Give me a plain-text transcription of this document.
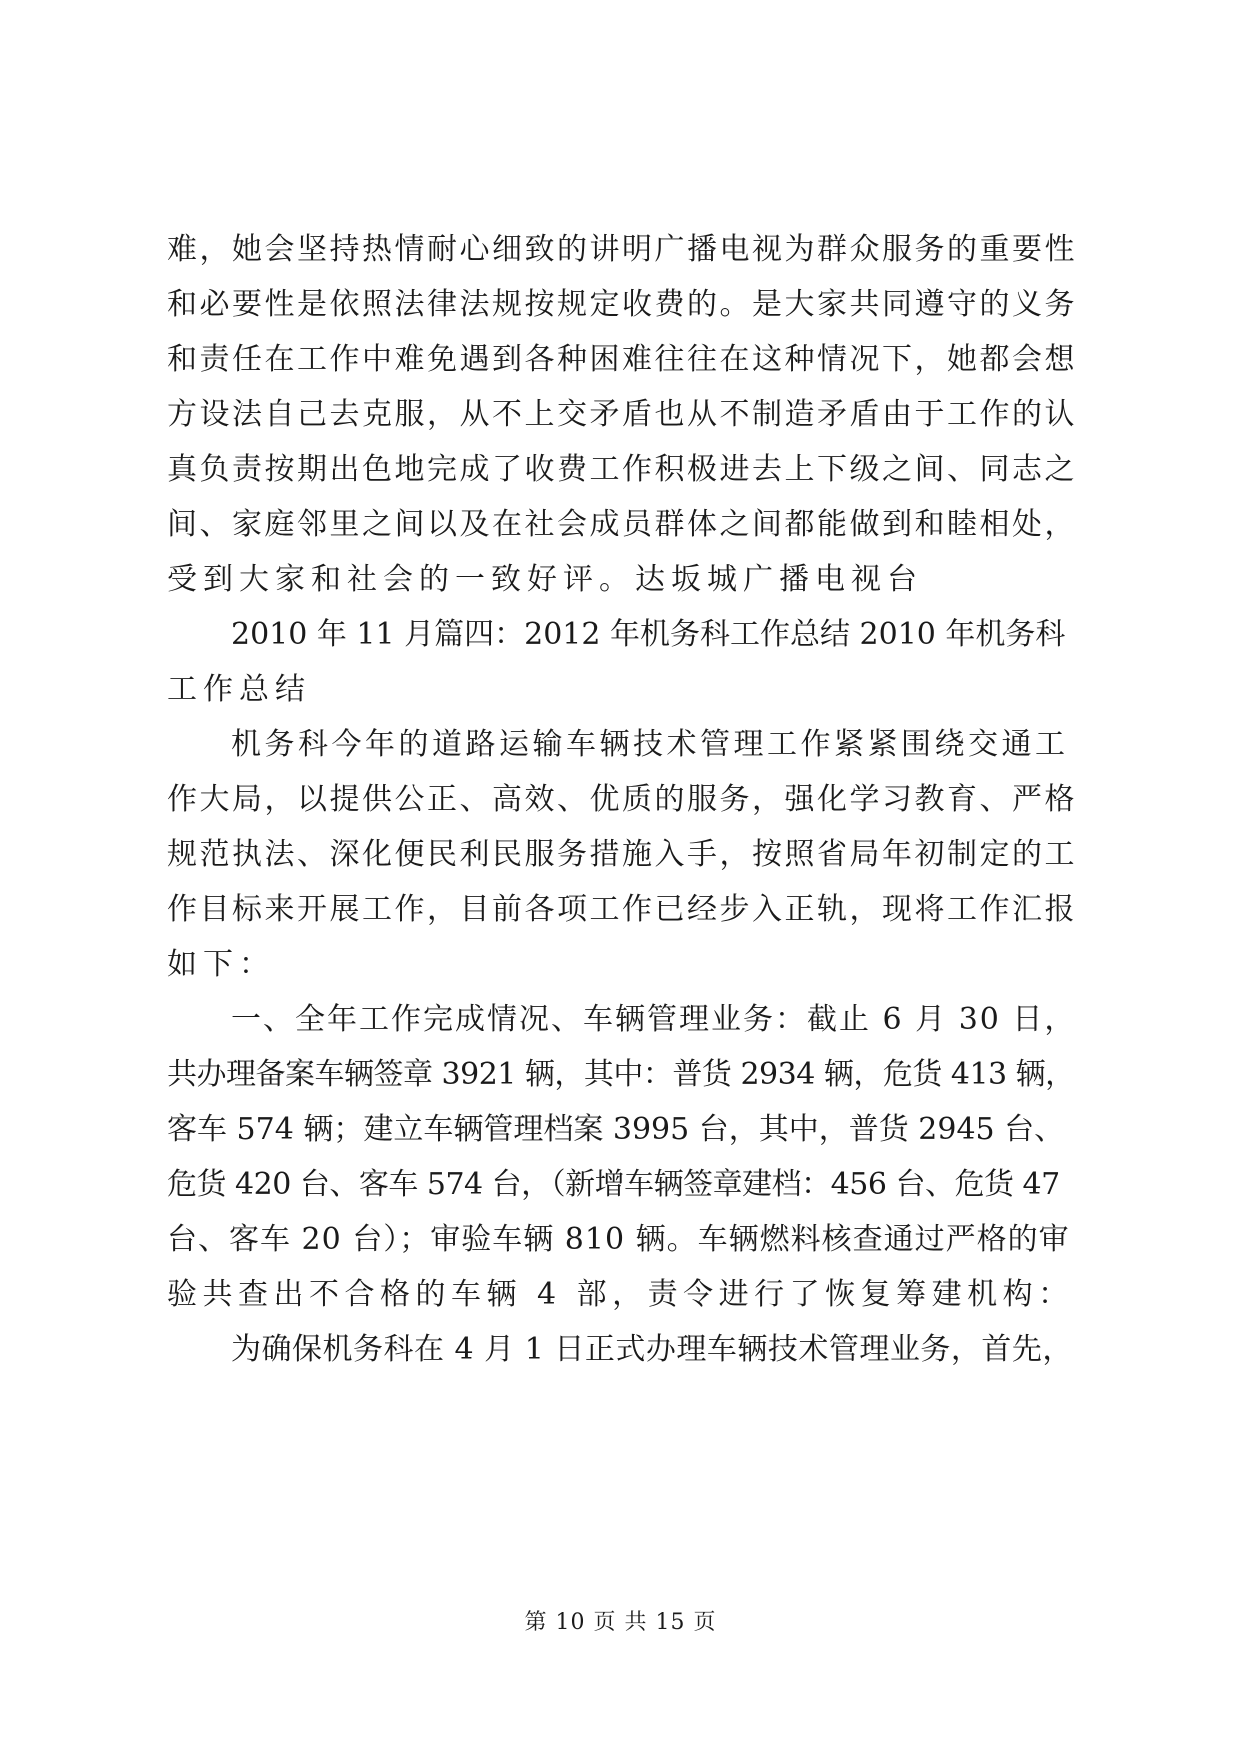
难，她会坚持热情耐心细致的讲明广播电视为群众服务的重要性
和必要性是依照法律法规按规定收费的。是大家共同遵守的义务
和责任在工作中难免遇到各种困难往往在这种情况下，她都会想
方设法自己去克服，从不上交矛盾也从不制造矛盾由于工作的认
真负责按期出色地完成了收费工作积极进去上下级之间、同志之
间、家庭邻里之间以及在社会成员群体之间都能做到和睦相处，
受到大家和社会的一致好评。达坂城广播电视台
2010 年 11 月篇四：2012 年机务科工作总结 2010 年机务科
工作总结
机务科今年的道路运输车辆技术管理工作紧紧围绕交通工
作大局，以提供公正、高效、优质的服务，强化学习教育、严格
规范执法、深化便民利民服务措施入手，按照省局年初制定的工
作目标来开展工作，目前各项工作已经步入正轨，现将工作汇报
如下：
一、全年工作完成情况、车辆管理业务：截止 6 月 30 日，
共办理备案车辆签章 3921 辆，其中：普货 2934 辆，危货 413 辆，
客车 574 辆；建立车辆管理档案 3995 台，其中，普货 2945 台、
危货 420 台、客车 574 台，（新增车辆签章建档：456 台、危货 47
台、客车 20 台）；审验车辆 810 辆。车辆燃料核查通过严格的审
验共查出不合格的车辆 4 部，责令进行了恢复筹建机构：
为确保机务科在 4 月 1 日正式办理车辆技术管理业务，首先，
第 10 页 共 15 页
